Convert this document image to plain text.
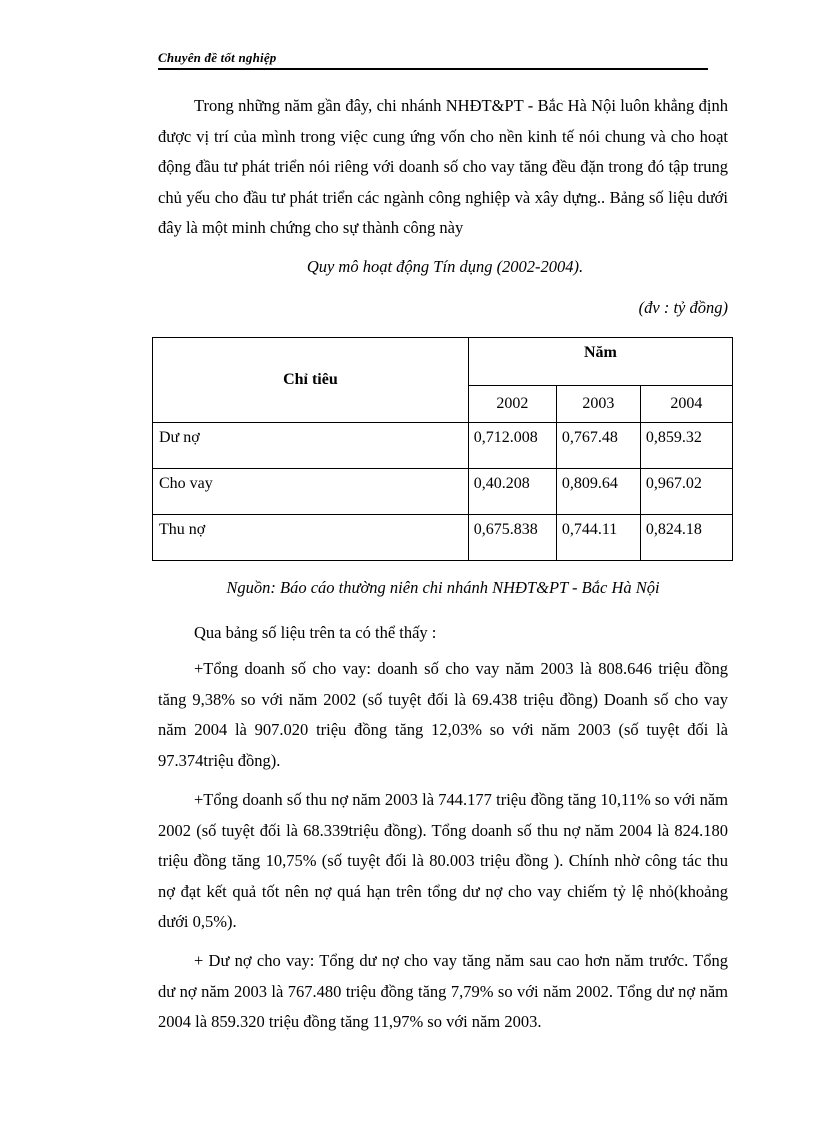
Chuyên đề tốt nghiệp

Trong những năm gần đây, chi nhánh NHĐT&PT - Bắc Hà Nội luôn khẳng định được vị trí của mình trong việc cung ứng vốn cho nền kinh tế nói chung và cho hoạt động đầu tư phát triển nói riêng với doanh số cho vay tăng đều đặn trong đó tập trung chủ yếu cho đầu tư phát triển các ngành công nghiệp và xây dựng.. Bảng số liệu dưới đây là một minh chứng cho sự thành công này

Quy mô hoạt động Tín dụng (2002-2004).
(đv : tỷ đồng)
Chỉ tiêu	Năm		
	2002	2003	2004
Dư nợ	0,712.008	0,767.48	0,859.32
Cho vay	0,40.208	0,809.64	0,967.02
Thu nợ	0,675.838	0,744.11	0,824.18
Nguồn: Báo cáo thường niên chi nhánh NHĐT&PT - Bắc Hà Nội

Qua bảng số liệu trên ta có thể thấy :

+Tổng doanh số cho vay: doanh số cho vay năm 2003 là 808.646 triệu đồng tăng 9,38% so với năm 2002 (số tuyệt đối là 69.438 triệu đồng) Doanh số cho vay năm 2004 là 907.020 triệu đồng tăng 12,03% so với năm 2003 (số tuyệt đối là 97.374triệu đồng).

+Tổng doanh số thu nợ năm 2003 là 744.177 triệu đồng tăng 10,11% so với năm 2002 (số tuyệt đối là 68.339triệu đồng). Tổng doanh số thu nợ năm 2004 là 824.180 triệu đồng tăng 10,75% (số tuyệt đối là 80.003 triệu đồng ). Chính nhờ công tác thu nợ đạt kết quả tốt nên nợ quá hạn trên tổng dư nợ cho vay chiếm tỷ lệ nhỏ(khoảng dưới 0,5%).

+ Dư nợ cho vay: Tổng dư nợ cho vay tăng năm sau cao hơn năm trước. Tổng dư nợ năm 2003 là 767.480 triệu đồng tăng 7,79% so với năm 2002. Tổng dư nợ năm 2004 là 859.320 triệu đồng tăng 11,97% so với năm 2003.
